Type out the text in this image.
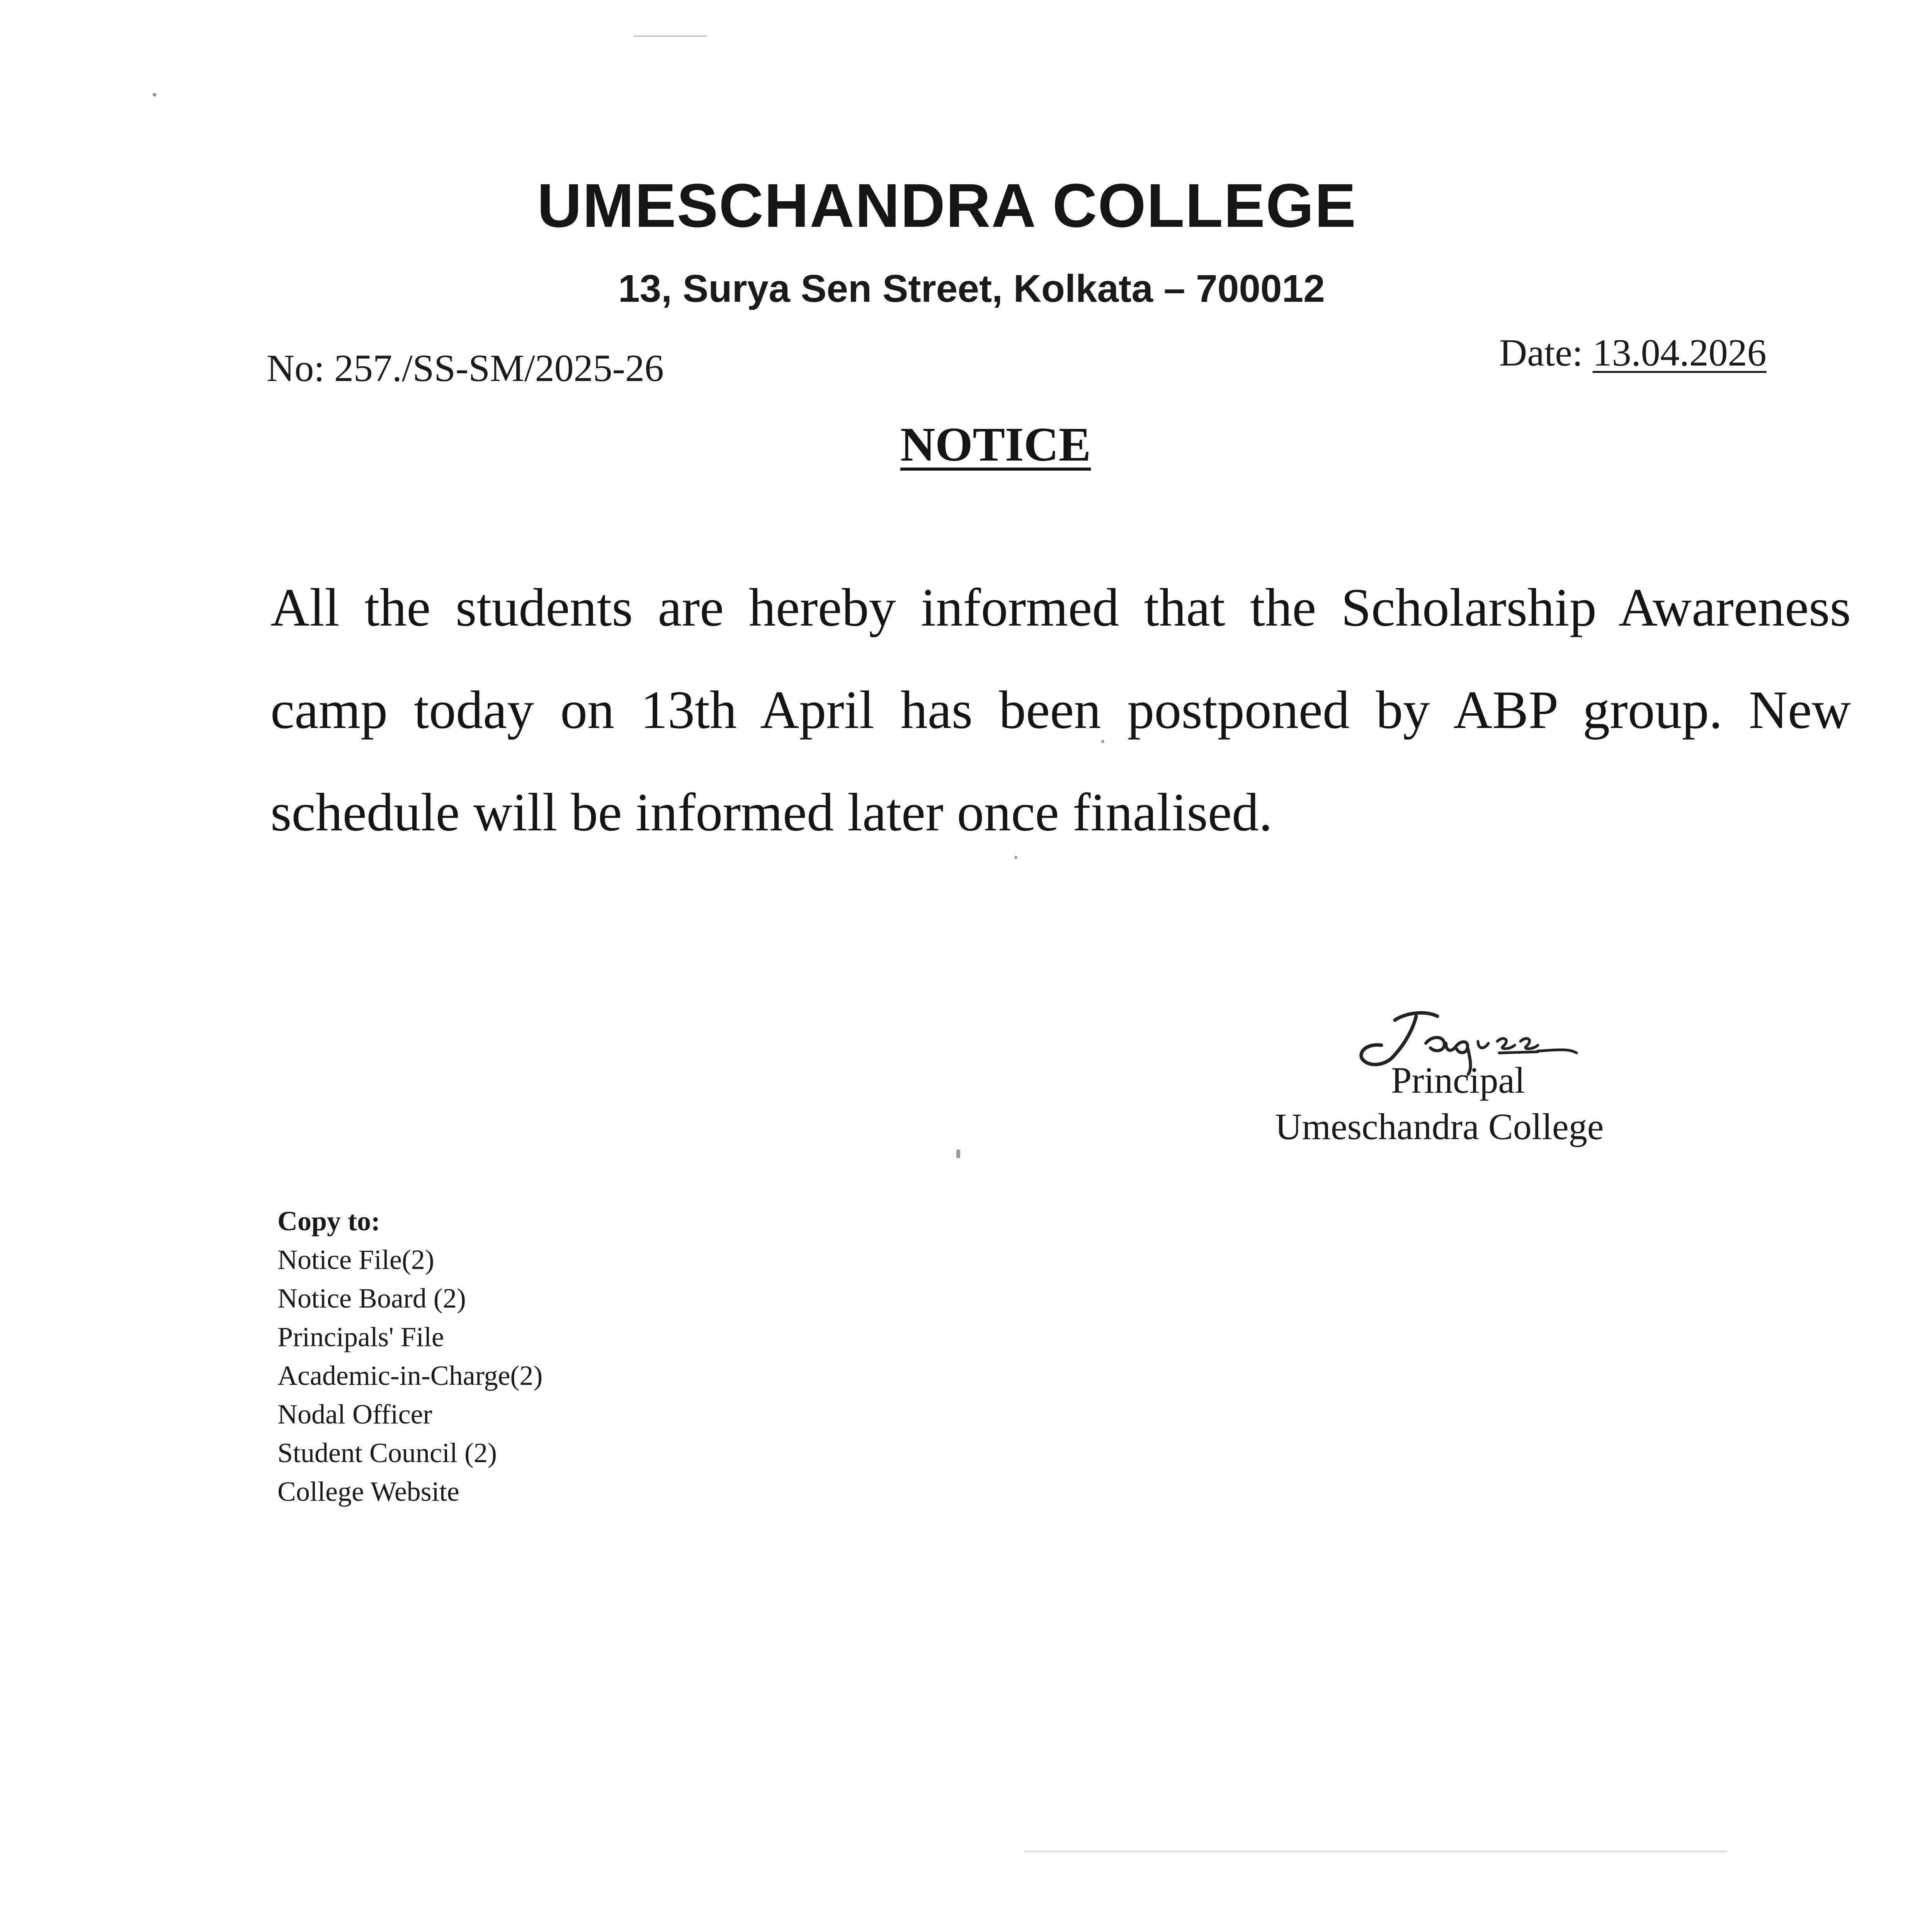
UMESCHANDRA COLLEGE
13, Surya Sen Street, Kolkata – 700012
No: 257./SS-SM/2025-26	Date: 13.04.2026
NOTICE

All the students are hereby informed that the Scholarship Awareness camp today on 13th April has been postponed by ABP group. New schedule will be informed later once finalised.

Principal
Umeschandra College
Copy to:
Notice File(2)
Notice Board (2)
Principals' File
Academic-in-Charge(2)
Nodal Officer
Student Council (2)
College Website
